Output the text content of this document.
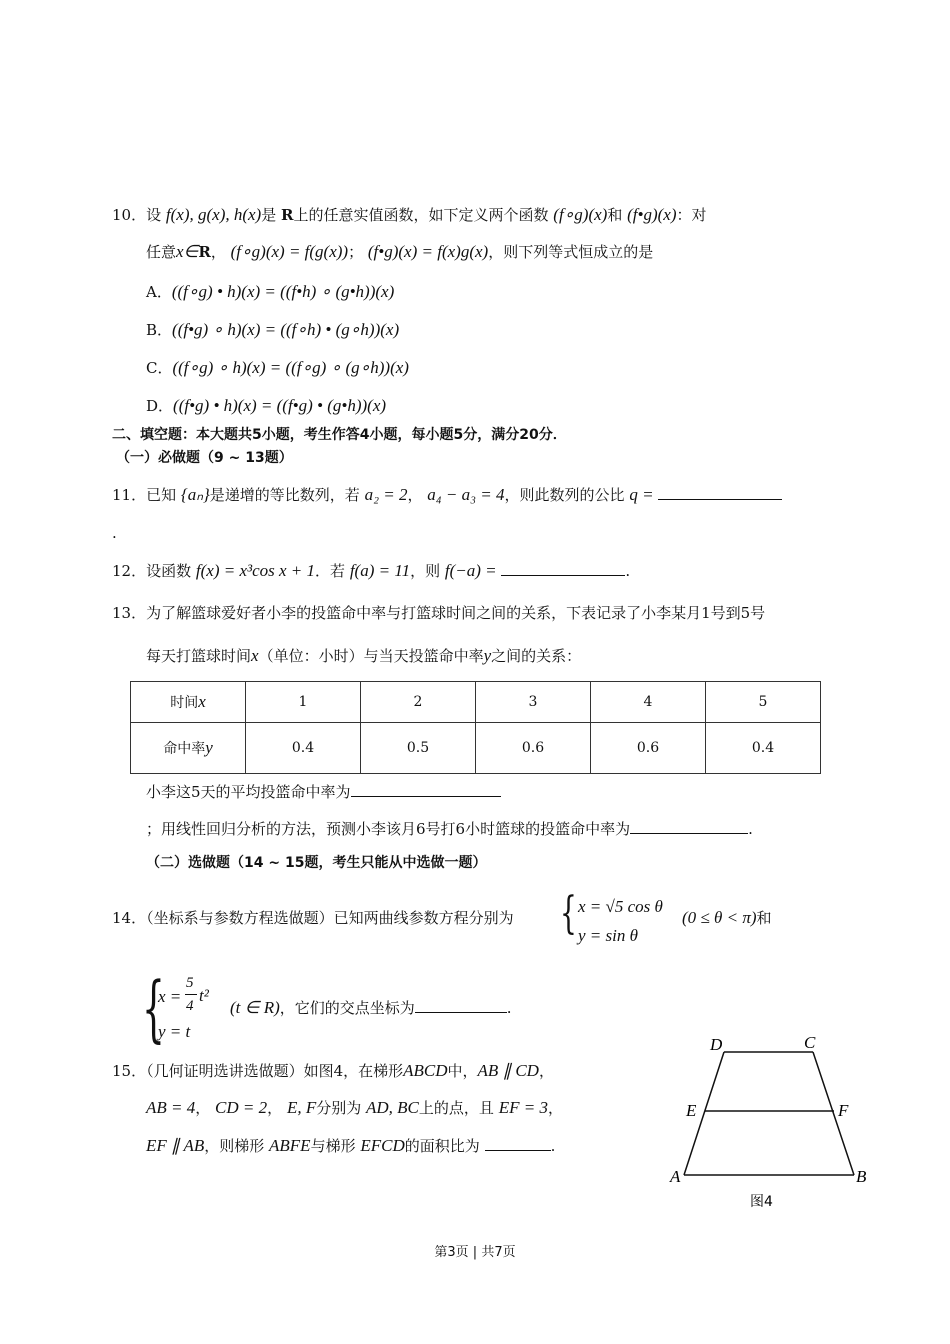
10．设 f(x), g(x), h(x)是 R上的任意实值函数，如下定义两个函数 (f∘g)(x)和 (f•g)(x)：对
任意x∈R， (f∘g)(x) = f(g(x))； (f•g)(x) = f(x)g(x)，则下列等式恒成立的是
A．((f∘g) • h)(x) = ((f•h) ∘ (g•h))(x)
B．((f•g) ∘ h)(x) = ((f∘h) • (g∘h))(x)
C．((f∘g) ∘ h)(x) = ((f∘g) ∘ (g∘h))(x)
D．((f•g) • h)(x) = ((f•g) • (g•h))(x)
二、填空题：本大题共5小题，考生作答4小题，每小题5分，满分20分．
（一）必做题（9 ~ 13题）
11．已知 {aₙ}是递增的等比数列，若 a₂ = 2， a₄ − a₃ = 4，则此数列的公比 q =
.
12．设函数 f(x) = x³cos x + 1．若 f(a) = 11，则 f(−a) =	.
13．为了解篮球爱好者小李的投篮命中率与打篮球时间之间的关系，下表记录了小李某月1号到5号
每天打篮球时间x（单位：小时）与当天投篮命中率y之间的关系：
时间x	1	2	3	4	5
命中率y	0.4	0.5	0.6	0.6	0.4
小李这5天的平均投篮命中率为
；用线性回归分析的方法，预测小李该月6号打6小时篮球的投篮命中率为	.
（二）选做题（14 ~ 15题，考生只能从中选做一题）
14．（坐标系与参数方程选做题）已知两曲线参数方程分别为 { x = √5 cos θ
y = sin θ
(0 ≤ θ < π)和
{
x =
5
4
t²
y = t
(t ∈ R)，它们的交点坐标为	.
15．（几何证明选讲选做题）如图4，在梯形ABCD中，AB ∥ CD，
AB = 4， CD = 2， E, F分别为 AD, BC上的点，且 EF = 3，
EF ∥ AB，则梯形 ABFE与梯形 EFCD的面积比为	.
D	C
E	F
A	B
图4
第3页 | 共7页
